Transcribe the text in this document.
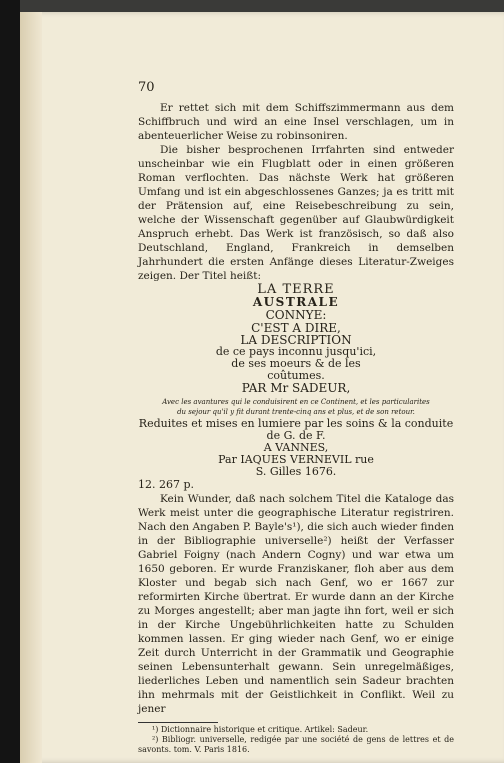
70

Er rettet sich mit dem Schiffszimmermann aus dem Schiffbruch und wird an eine Insel verschlagen, um in abenteuerlicher Weise zu robinsoniren.

Die bisher besprochenen Irrfahrten sind entweder unscheinbar wie ein Flugblatt oder in einen größeren Roman verflochten. Das nächste Werk hat größeren Umfang und ist ein abgeschlossenes Ganzes; ja es tritt mit der Prätension auf, eine Reisebeschreibung zu sein, welche der Wissenschaft gegenüber auf Glaubwürdigkeit Anspruch erhebt. Das Werk ist französisch, so daß also Deutschland, England, Frankreich in demselben Jahrhundert die ersten Anfänge dieses Literatur-Zweiges zeigen. Der Titel heißt:

LA TERRE

AUSTRALE

CONNYE:

C'EST A DIRE,

LA DESCRIPTION

de ce pays inconnu jusqu'ici,

de ses moeurs & de les

coûtumes.

PAR Mr SADEUR,

Avec les avantures qui le conduisirent en ce Continent, et les particularites

du sejour qu'il y fit durant trente-cinq ans et plus, et de son retour.

Reduites et mises en lumiere par les soins & la conduite

de G. de F.

A VANNES,

Par IAQUES VERNEVIL rue

S. Gilles 1676.

12. 267 p.

Kein Wunder, daß nach solchem Titel die Kataloge das Werk meist unter die geographische Literatur registriren. Nach den Angaben P. Bayle's¹), die sich auch wieder finden in der Bibliographie universelle²) heißt der Verfasser Gabriel Foigny (nach Andern Cogny) und war etwa um 1650 geboren. Er wurde Franziskaner, floh aber aus dem Kloster und begab sich nach Genf, wo er 1667 zur reformirten Kirche übertrat. Er wurde dann an der Kirche zu Morges angestellt; aber man jagte ihn fort, weil er sich in der Kirche Ungebührlichkeiten hatte zu Schulden kommen lassen. Er ging wieder nach Genf, wo er einige Zeit durch Unterricht in der Grammatik und Geographie seinen Lebensunterhalt gewann. Sein unregelmäßiges, liederliches Leben und namentlich sein Sadeur brachten ihn mehrmals mit der Geistlichkeit in Conflikt. Weil zu jener

¹) Dictionnaire historique et critique. Artikel: Sadeur.

²) Bibliogr. universelle, redigée par une société de gens de lettres et de savonts. tom. V. Paris 1816.
